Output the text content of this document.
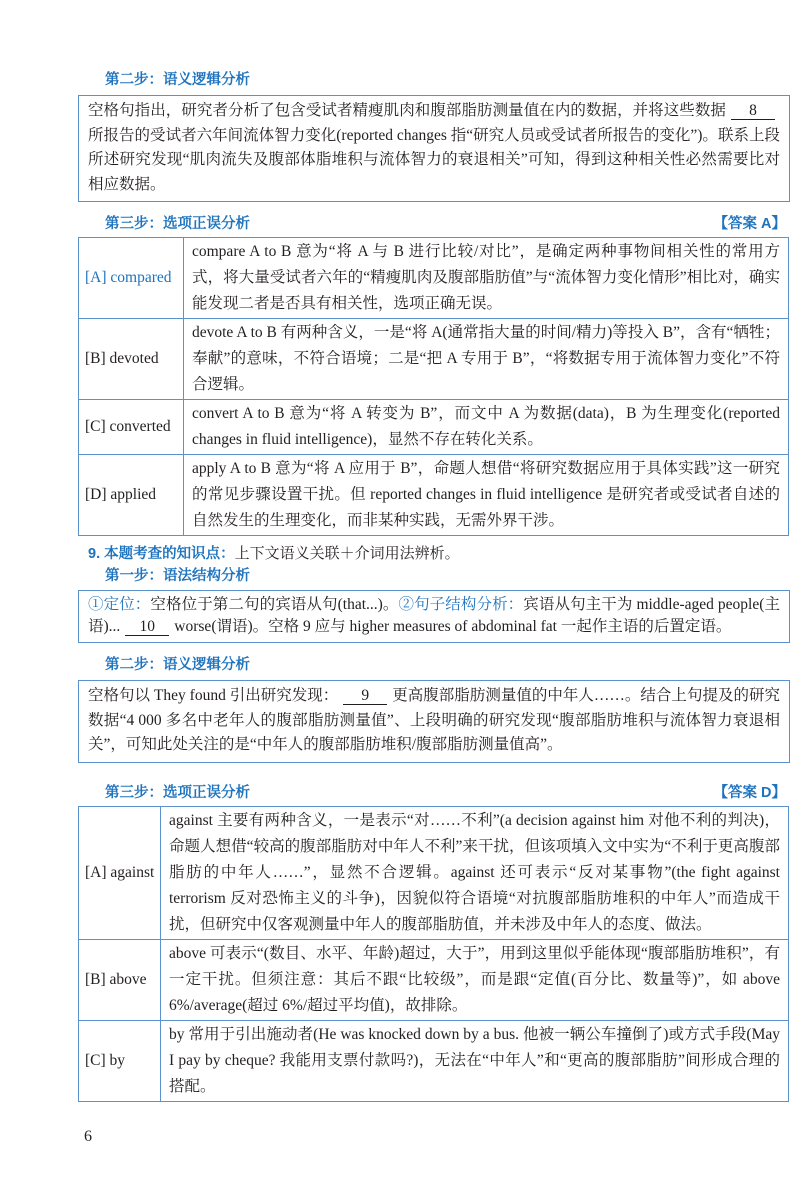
第二步：语义逻辑分析
空格句指出，研究者分析了包含受试者精瘦肌肉和腹部脂肪测量值在内的数据，并将这些数据 8所报告的受试者六年间流体智力变化(reported changes 指“研究人员或受试者所报告的变化”)。联系上段所述研究发现“肌肉流失及腹部体脂堆积与流体智力的衰退相关”可知，得到这种相关性必然需要比对相应数据。
第三步：选项正误分析	【答案 A】
[A] compared	compare A to B 意为“将 A 与 B 进行比较/对比”，是确定两种事物间相关性的常用方式，将大量受试者六年的“精瘦肌肉及腹部脂肪值”与“流体智力变化情形”相比对，确实能发现二者是否具有相关性，选项正确无误。
[B] devoted	devote A to B 有两种含义，一是“将 A(通常指大量的时间/精力)等投入 B”，含有“牺牲；奉献”的意味，不符合语境；二是“把 A 专用于 B”，“将数据专用于流体智力变化”不符合逻辑。
[C] converted	convert A to B 意为“将 A 转变为 B”，而文中 A 为数据(data)，B 为生理变化(reported changes in fluid intelligence)，显然不存在转化关系。
[D] applied	apply A to B 意为“将 A 应用于 B”，命题人想借“将研究数据应用于具体实践”这一研究的常见步骤设置干扰。但 reported changes in fluid intelligence 是研究者或受试者自述的自然发生的生理变化，而非某种实践，无需外界干涉。
9. 本题考查的知识点：上下文语义关联＋介词用法辨析。
第一步：语法结构分析
①定位：空格位于第二句的宾语从句(that...)。②句子结构分析：宾语从句主干为 middle-aged people(主语)... 10 worse(谓语)。空格 9 应与 higher measures of abdominal fat 一起作主语的后置定语。
第二步：语义逻辑分析
空格句以 They found 引出研究发现： 9 更高腹部脂肪测量值的中年人……。结合上句提及的研究数据“4 000 多名中老年人的腹部脂肪测量值”、上段明确的研究发现“腹部脂肪堆积与流体智力衰退相关”，可知此处关注的是“中年人的腹部脂肪堆积/腹部脂肪测量值高”。
第三步：选项正误分析	【答案 D】
[A] against	against 主要有两种含义，一是表示“对……不利”(a decision against him 对他不利的判决)，命题人想借“较高的腹部脂肪对中年人不利”来干扰，但该项填入文中实为“不利于更高腹部脂肪的中年人……”，显然不合逻辑。against 还可表示“反对某事物”(the fight against terrorism 反对恐怖主义的斗争)，因貌似符合语境“对抗腹部脂肪堆积的中年人”而造成干扰，但研究中仅客观测量中年人的腹部脂肪值，并未涉及中年人的态度、做法。
[B] above	above 可表示“(数目、水平、年龄)超过，大于”，用到这里似乎能体现“腹部脂肪堆积”，有一定干扰。但须注意：其后不跟“比较级”，而是跟“定值(百分比、数量等)”，如 above 6%/average(超过 6%/超过平均值)，故排除。
[C] by	by 常用于引出施动者(He was knocked down by a bus. 他被一辆公车撞倒了)或方式手段(May I pay by cheque? 我能用支票付款吗?)，无法在“中年人”和“更高的腹部脂肪”间形成合理的搭配。
6
